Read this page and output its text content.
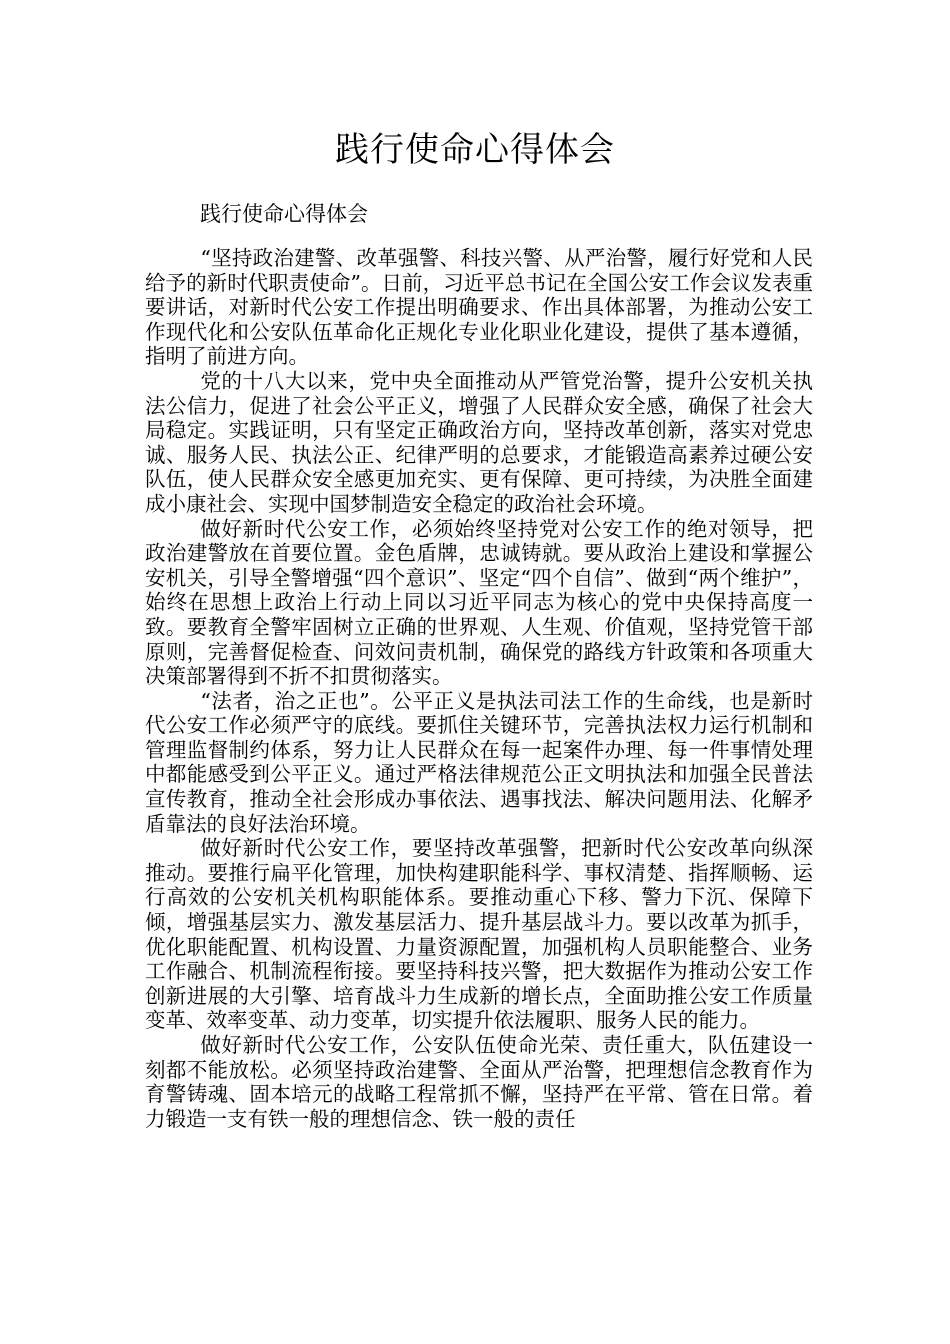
践行使命心得体会
践行使命心得体会

“坚持政治建警、改革强警、科技兴警、从严治警，履行好党和人民给予的新时代职责使命”。日前，习近平总书记在全国公安工作会议发表重要讲话，对新时代公安工作提出明确要求、作出具体部署，为推动公安工作现代化和公安队伍革命化正规化专业化职业化建设，提供了基本遵循，指明了前进方向。

党的十八大以来，党中央全面推动从严管党治警，提升公安机关执法公信力，促进了社会公平正义，增强了人民群众安全感，确保了社会大局稳定。实践证明，只有坚定正确政治方向，坚持改革创新，落实对党忠诚、服务人民、执法公正、纪律严明的总要求，才能锻造高素养过硬公安队伍，使人民群众安全感更加充实、更有保障、更可持续，为决胜全面建成小康社会、实现中国梦制造安全稳定的政治社会环境。

做好新时代公安工作，必须始终坚持党对公安工作的绝对领导，把政治建警放在首要位置。金色盾牌，忠诚铸就。要从政治上建设和掌握公安机关，引导全警增强“四个意识”、坚定“四个自信”、做到“两个维护”，始终在思想上政治上行动上同以习近平同志为核心的党中央保持高度一致。要教育全警牢固树立正确的世界观、人生观、价值观，坚持党管干部原则，完善督促检查、问效问责机制，确保党的路线方针政策和各项重大决策部署得到不折不扣贯彻落实。

“法者，治之正也”。公平正义是执法司法工作的生命线，也是新时代公安工作必须严守的底线。要抓住关键环节，完善执法权力运行机制和管理监督制约体系，努力让人民群众在每一起案件办理、每一件事情处理中都能感受到公平正义。通过严格法律规范公正文明执法和加强全民普法宣传教育，推动全社会形成办事依法、遇事找法、解决问题用法、化解矛盾靠法的良好法治环境。

做好新时代公安工作，要坚持改革强警，把新时代公安改革向纵深推动。要推行扁平化管理，加快构建职能科学、事权清楚、指挥顺畅、运行高效的公安机关机构职能体系。要推动重心下移、警力下沉、保障下倾，增强基层实力、激发基层活力、提升基层战斗力。要以改革为抓手，优化职能配置、机构设置、力量资源配置，加强机构人员职能整合、业务工作融合、机制流程衔接。要坚持科技兴警，把大数据作为推动公安工作创新进展的大引擎、培育战斗力生成新的增长点，全面助推公安工作质量变革、效率变革、动力变革，切实提升依法履职、服务人民的能力。

做好新时代公安工作，公安队伍使命光荣、责任重大，队伍建设一刻都不能放松。必须坚持政治建警、全面从严治警，把理想信念教育作为育警铸魂、固本培元的战略工程常抓不懈，坚持严在平常、管在日常。着力锻造一支有铁一般的理想信念、铁一般的责任
